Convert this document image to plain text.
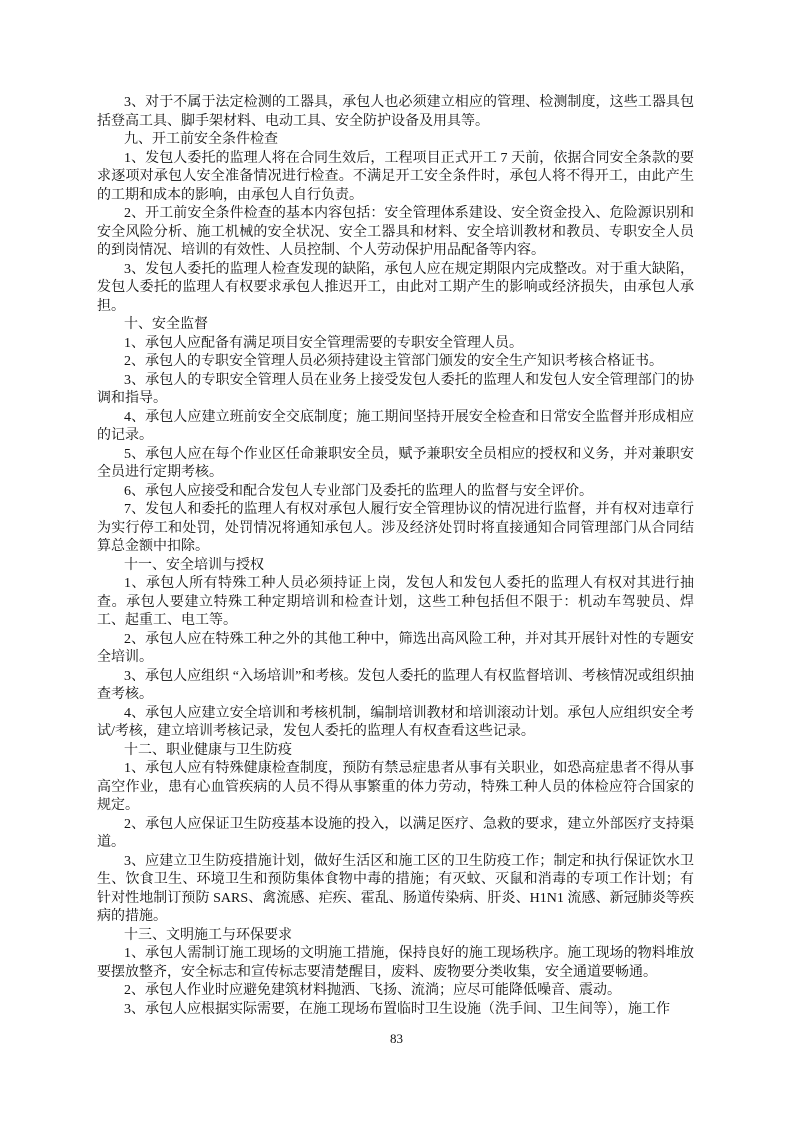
3、对于不属于法定检测的工器具，承包人也必须建立相应的管理、检测制度，这些工器具包括登高工具、脚手架材料、电动工具、安全防护设备及用具等。

九、开工前安全条件检查

1、发包人委托的监理人将在合同生效后，工程项目正式开工 7 天前，依据合同安全条款的要求逐项对承包人安全准备情况进行检查。不满足开工安全条件时，承包人将不得开工，由此产生的工期和成本的影响，由承包人自行负责。

2、开工前安全条件检查的基本内容包括：安全管理体系建设、安全资金投入、危险源识别和安全风险分析、施工机械的安全状况、安全工器具和材料、安全培训教材和教员、专职安全人员的到岗情况、培训的有效性、人员控制、个人劳动保护用品配备等内容。

3、发包人委托的监理人检查发现的缺陷，承包人应在规定期限内完成整改。对于重大缺陷，发包人委托的监理人有权要求承包人推迟开工，由此对工期产生的影响或经济损失，由承包人承担。

十、安全监督

1、承包人应配备有满足项目安全管理需要的专职安全管理人员。

2、承包人的专职安全管理人员必须持建设主管部门颁发的安全生产知识考核合格证书。

3、承包人的专职安全管理人员在业务上接受发包人委托的监理人和发包人安全管理部门的协调和指导。

4、承包人应建立班前安全交底制度；施工期间坚持开展安全检查和日常安全监督并形成相应的记录。

5、承包人应在每个作业区任命兼职安全员，赋予兼职安全员相应的授权和义务，并对兼职安全员进行定期考核。

6、承包人应接受和配合发包人专业部门及委托的监理人的监督与安全评价。

7、发包人和委托的监理人有权对承包人履行安全管理协议的情况进行监督，并有权对违章行为实行停工和处罚，处罚情况将通知承包人。涉及经济处罚时将直接通知合同管理部门从合同结算总金额中扣除。

十一、安全培训与授权

1、承包人所有特殊工种人员必须持证上岗，发包人和发包人委托的监理人有权对其进行抽查。承包人要建立特殊工种定期培训和检查计划，这些工种包括但不限于：机动车驾驶员、焊工、起重工、电工等。

2、承包人应在特殊工种之外的其他工种中，筛选出高风险工种，并对其开展针对性的专题安全培训。

3、承包人应组织 “入场培训”和考核。发包人委托的监理人有权监督培训、考核情况或组织抽查考核。

4、承包人应建立安全培训和考核机制，编制培训教材和培训滚动计划。承包人应组织安全考试/考核，建立培训考核记录，发包人委托的监理人有权查看这些记录。

十二、职业健康与卫生防疫

1、承包人应有特殊健康检查制度，预防有禁忌症患者从事有关职业，如恐高症患者不得从事高空作业，患有心血管疾病的人员不得从事繁重的体力劳动，特殊工种人员的体检应符合国家的规定。

2、承包人应保证卫生防疫基本设施的投入，以满足医疗、急救的要求，建立外部医疗支持渠道。

3、应建立卫生防疫措施计划，做好生活区和施工区的卫生防疫工作；制定和执行保证饮水卫生、饮食卫生、环境卫生和预防集体食物中毒的措施；有灭蚊、灭鼠和消毒的专项工作计划；有针对性地制订预防 SARS、禽流感、疟疾、霍乱、肠道传染病、肝炎、H1N1 流感、新冠肺炎等疾病的措施。

十三、文明施工与环保要求

1、承包人需制订施工现场的文明施工措施，保持良好的施工现场秩序。施工现场的物料堆放要摆放整齐，安全标志和宣传标志要清楚醒目，废料、废物要分类收集，安全通道要畅通。

2、承包人作业时应避免建筑材料抛洒、飞扬、流淌；应尽可能降低噪音、震动。

3、承包人应根据实际需要，在施工现场布置临时卫生设施（洗手间、卫生间等），施工作

83
